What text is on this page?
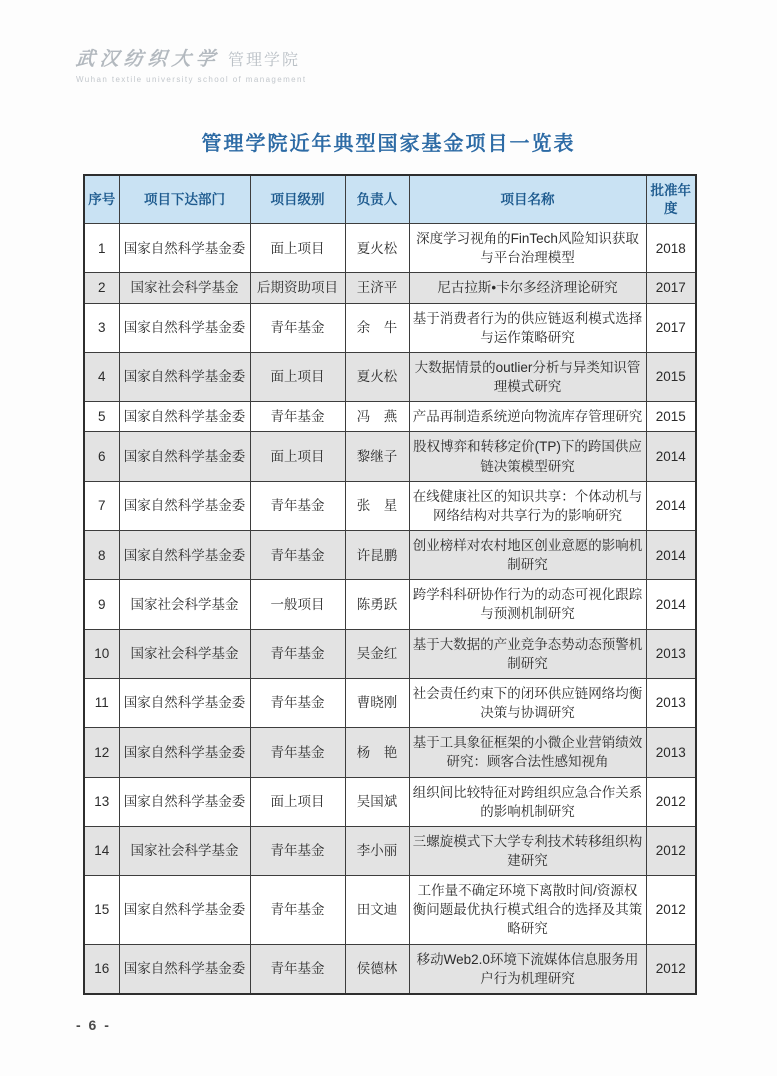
武汉纺织大学 管理学院
Wuhan textile university school of management
管理学院近年典型国家基金项目一览表
序号	项目下达部门	项目级别	负责人	项目名称	批准年度
1	国家自然科学基金委	面上项目	夏火松	深度学习视角的FinTech风险知识获取与平台治理模型	2018
2	国家社会科学基金	后期资助项目	王济平	尼古拉斯•卡尔多经济理论研究	2017
3	国家自然科学基金委	青年基金	余　牛	基于消费者行为的供应链返利模式选择与运作策略研究	2017
4	国家自然科学基金委	面上项目	夏火松	大数据情景的outlier分析与异类知识管理模式研究	2015
5	国家自然科学基金委	青年基金	冯　燕	产品再制造系统逆向物流库存管理研究	2015
6	国家自然科学基金委	面上项目	黎继子	股权博弈和转移定价(TP)下的跨国供应链决策模型研究	2014
7	国家自然科学基金委	青年基金	张　星	在线健康社区的知识共享：个体动机与网络结构对共享行为的影响研究	2014
8	国家自然科学基金委	青年基金	许昆鹏	创业榜样对农村地区创业意愿的影响机制研究	2014
9	国家社会科学基金	一般项目	陈勇跃	跨学科科研协作行为的动态可视化跟踪与预测机制研究	2014
10	国家社会科学基金	青年基金	吴金红	基于大数据的产业竞争态势动态预警机制研究	2013
11	国家自然科学基金委	青年基金	曹晓刚	社会责任约束下的闭环供应链网络均衡决策与协调研究	2013
12	国家自然科学基金委	青年基金	杨　艳	基于工具象征框架的小微企业营销绩效研究：顾客合法性感知视角	2013
13	国家自然科学基金委	面上项目	吴国斌	组织间比较特征对跨组织应急合作关系的影响机制研究	2012
14	国家社会科学基金	青年基金	李小丽	三螺旋模式下大学专利技术转移组织构建研究	2012
15	国家自然科学基金委	青年基金	田文迪	工作量不确定环境下离散时间/资源权衡问题最优执行模式组合的选择及其策略研究	2012
16	国家自然科学基金委	青年基金	侯德林	移动Web2.0环境下流媒体信息服务用户行为机理研究	2012
- 6 -
